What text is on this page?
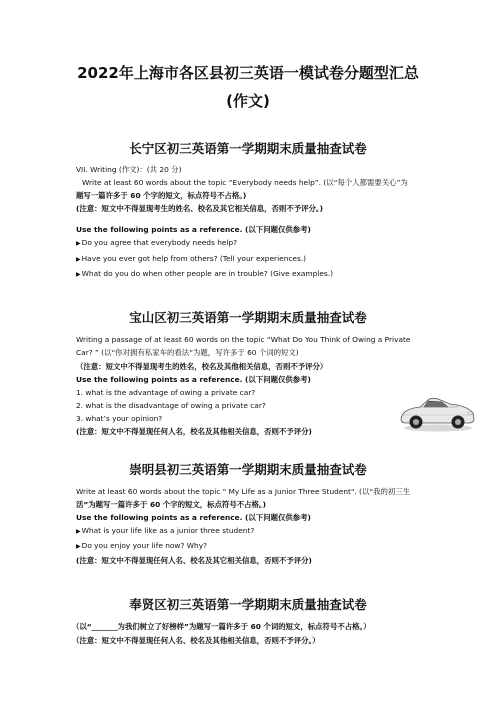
2022年上海市各区县初三英语一模试卷分题型汇总
(作文)
长宁区初三英语第一学期期末质量抽查试卷

VII. Writing (作文)：(共 20 分)

Write at least 60 words about the topic “Everybody needs help”. (以“每个人都需要关心”为

题写一篇许多于 60 个字的短文，标点符号不占格。)

(注意：短文中不得显现考生的姓名、校名及其它相关信息，否则不予评分。)

Use the following points as a reference. (以下问题仅供参考)

▶Do you agree that everybody needs help?

▶Have you ever got help from others? (Tell your experiences.)

▶What do you do when other people are in trouble? (Give examples.)

宝山区初三英语第一学期期末质量抽查试卷

Writing a passage of at least 60 words on the topic “What Do You Think of Owing a Private

Car? ” (以“你对拥有私家车的看法”为题，写许多于 60 个词的短文)

（注意：短文中不得显现考生的姓名，校名及其他相关信息，否则不予评分）

Use the following points as a reference. (以下问题仅供参考)

1. what is the advantage of owing a private car?

2. what is the disadvantage of owing a private car?

3. what’s your opinion?

(注意：短文中不得显现任何人名，校名及其他相关信息，否则不予评分)

崇明县初三英语第一学期期末质量抽查试卷

Write at least 60 words about the topic " My Life as a Junior Three Student". (以“我的初三生

活”为题写一篇许多于 60 个字的短文，标点符号不占格。)

Use the following points as a reference. (以下问题仅供参考)

▶What is your life like as a junior three student?

▶Do you enjoy your life now? Why?

(注意：短文中不得显现任何人名、校名及其它相关信息，否则不予评分)

奉贤区初三英语第一学期期末质量抽查试卷

（以“_______为我们树立了好榜样”为题写一篇许多于 60 个词的短文，标点符号不占格。）

（注意：短文中不得显现任何人名、校名及其他相关信息，否则不予评分。）
